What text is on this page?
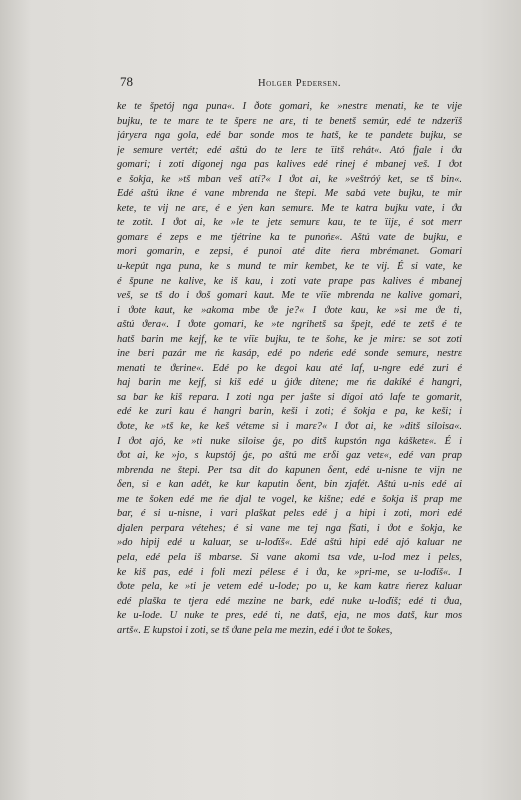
78	Holger Pedersen.
ke te špetój nga puna«. I ðotε gomari, ke »nestrε menati, ke te vije
bujku, te te marε te te šperε ne arε, ti te benetš semúr, edé te ndzerϊš
járyεra nga gola, edé bar sonde mos te hatš, ke te pandetε bujku, se
je semure vertét; edé aštú do te lerε te ϊitš rehát«. Ató fjale i ϑa
gomari; i zoti dígonej nga pas kalives edé rinej é mbanej veš. I ϑot
e šokja, ke »tš mban veš atí?« I ϑot ai, ke »veštróý ket, se tš bin«.
Edé aštú ikne é vane mbrenda ne štepi. Me sabá vete bujku, te mir
kete, te vij ne arε, é e ýen kan semurε. Me te katra bujku vate, i ϑa
te zotit. I ϑot ai, ke »le te jetε semurε kau, te te ϊijε, é sot merr
gomarε é zeps e me tjétrine ka te punońε«. Aštú vate de bujku, e
mori gomarin, e zepsi, é punoi até dite ńera mbrémanet. Gomari
u-kepút nga puna, ke s mund te mir kembet, ke te vij. É si vate, ke
é špune ne kalive, ke iš kau, i zoti vate prape pas kalives é mbanej
veš, se tš do i ϑoš gomari kaut. Me te viϊe mbrenda ne kalive gomari,
i ϑote kaut, ke »akoma mbe ϑe je?« I ϑote kau, ke »si me ϑe ti,
aštú ϑera«. I ϑote gomari, ke »te ngrihetš sa špejt, edé te zetš é te
hatš barin me kejf, ke te viϊε bujku, te te šohε, ke je mirε: se sot zoti
ine bεri pazár me ńε kasáp, edé po ndeńε edé sonde semurε, nestrε
menati te ϑεrine«. Edé po ke dεgoi kau até laf, u-ngre edé zuri é
haj barin me kejf, si kiš edé u ǵiϑε dítene; me ńε dakíké é hangri,
sa bar ke kiš repara. I zoti nga per jašte si dígoi ató lafe te gomarit,
edé ke zuri kau é hangri barin, keši i zoti; é šokja e pa, ke keši; i
ϑote, ke »tš ke, ke keš vétεme si i marε?« I ϑot ai, ke »ditš siloisa«.
I ϑot ajó, ke »ti nuke siloise ǵε, po ditš kupstón nga kášketε«. É i
ϑot ai, ke »jo, s kupstój ǵε, po aštú me εrδi gaz vetε«, edé van prap
mbrenda ne štepi. Per tsa dit do kapunen δent, edé u-nisne te vijn ne
δen, si e kan adét, ke kur kaputin δent, bin zjafét. Aštú u-nis edé ai
me te šoken edé me ńe djal te vogel, ke kišne; edé e šokja iš prap me
bar, é si u-nisne, i vari plaškat pelεs edé j a hipi i zoti, mori edé
djalen perpara vétehes; é si vane me tej nga fšati, i ϑot e šokja, ke
»do hipij edé u kaluar, se u-lodϊš«. Edé aštú hipi edé ajó kaluar ne
pela, edé pela iš mbarse. Si vane akomi tsa vde, u-lod mez i pelεs,
ke kiš pas, edé i foli mezi pélesε é i ϑa, ke »pri-me, se u-lodϊš«. I
ϑote pela, ke »ti je vetem edé u-lode; po u, ke kam katrε ńerez kaluar
edé plaška te tjera edé mεzine ne bark, edé nuke u-lodϊš; edé ti ϑua,
ke u-lode. U nuke te pres, edé ti, ne datš, eja, ne mos datš, kur mos
artš«. E kupstoi i zoti, se tš ϑane pela me mezin, edé i ϑot te šokes,
